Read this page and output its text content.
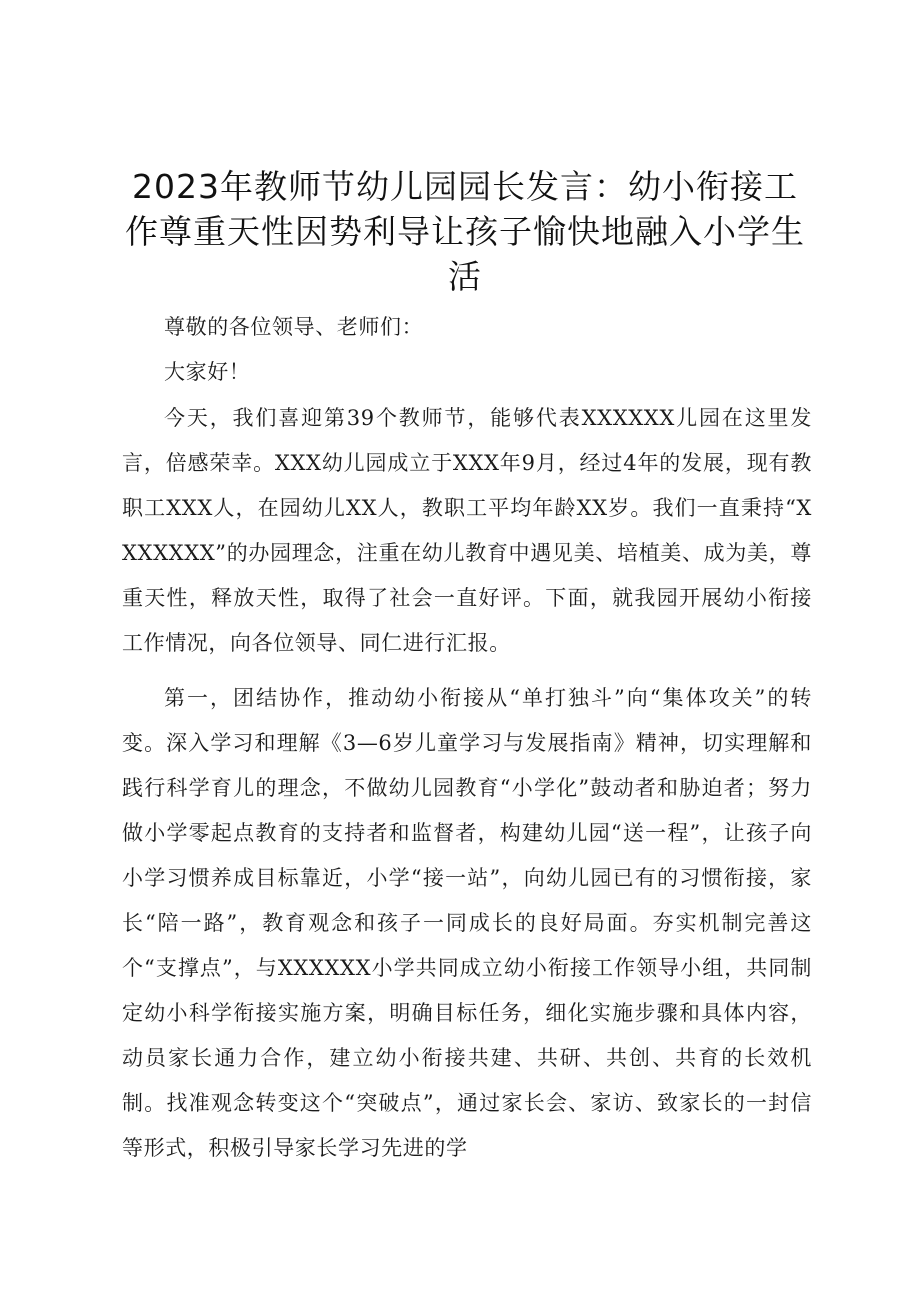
2023年教师节幼儿园园长发言：幼小衔接工作尊重天性因势利导让孩子愉快地融入小学生活

尊敬的各位领导、老师们：

大家好！

今天，我们喜迎第39个教师节，能够代表XXXXXX儿园在这里发言，倍感荣幸。XXX幼儿园成立于XXX年9月，经过4年的发展，现有教职工XXX人，在园幼儿XX人，教职工平均年龄XX岁。我们一直秉持“XXXXXXX”的办园理念，注重在幼儿教育中遇见美、培植美、成为美，尊重天性，释放天性，取得了社会一直好评。下面，就我园开展幼小衔接工作情况，向各位领导、同仁进行汇报。

第一，团结协作，推动幼小衔接从“单打独斗”向“集体攻关”的转变。深入学习和理解《3—6岁儿童学习与发展指南》精神，切实理解和践行科学育儿的理念，不做幼儿园教育“小学化”鼓动者和胁迫者；努力做小学零起点教育的支持者和监督者，构建幼儿园“送一程”，让孩子向小学习惯养成目标靠近，小学“接一站”，向幼儿园已有的习惯衔接，家长“陪一路”，教育观念和孩子一同成长的良好局面。夯实机制完善这个“支撑点”，与XXXXXX小学共同成立幼小衔接工作领导小组，共同制定幼小科学衔接实施方案，明确目标任务，细化实施步骤和具体内容，动员家长通力合作，建立幼小衔接共建、共研、共创、共育的长效机制。找准观念转变这个“突破点”，通过家长会、家访、致家长的一封信等形式，积极引导家长学习先进的学
